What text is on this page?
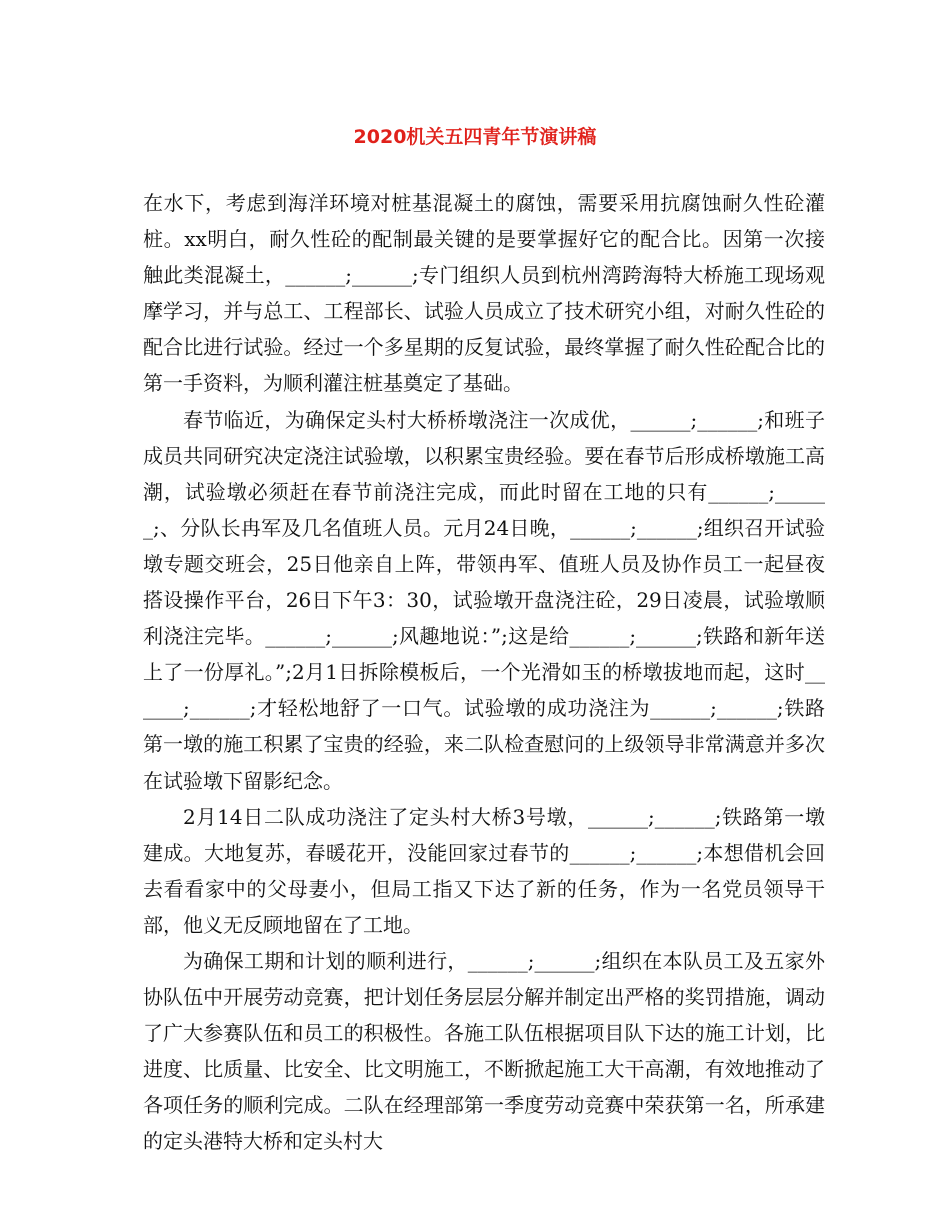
2020机关五四青年节演讲稿

在水下，考虑到海洋环境对桩基混凝土的腐蚀，需要采用抗腐蚀耐久性砼灌桩。xx明白，耐久性砼的配制最关键的是要掌握好它的配合比。因第一次接触此类混凝土，______;______;专门组织人员到杭州湾跨海特大桥施工现场观摩学习，并与总工、工程部长、试验人员成立了技术研究小组，对耐久性砼的配合比进行试验。经过一个多星期的反复试验，最终掌握了耐久性砼配合比的第一手资料，为顺利灌注桩基奠定了基础。

春节临近，为确保定头村大桥桥墩浇注一次成优，______;______;和班子成员共同研究决定浇注试验墩，以积累宝贵经验。要在春节后形成桥墩施工高潮，试验墩必须赶在春节前浇注完成，而此时留在工地的只有______;______;、分队长冉军及几名值班人员。元月24日晚，______;______;组织召开试验墩专题交班会，25日他亲自上阵，带领冉军、值班人员及协作员工一起昼夜搭设操作平台，26日下午3：30，试验墩开盘浇注砼，29日凌晨，试验墩顺利浇注完毕。______;______;风趣地说：”;这是给______;______;铁路和新年送上了一份厚礼。”;2月1日拆除模板后，一个光滑如玉的桥墩拔地而起，这时______;______;才轻松地舒了一口气。试验墩的成功浇注为______;______;铁路第一墩的施工积累了宝贵的经验，来二队检查慰问的上级领导非常满意并多次在试验墩下留影纪念。

2月14日二队成功浇注了定头村大桥3号墩，______;______;铁路第一墩建成。大地复苏，春暖花开，没能回家过春节的______;______;本想借机会回去看看家中的父母妻小，但局工指又下达了新的任务，作为一名党员领导干部，他义无反顾地留在了工地。

为确保工期和计划的顺利进行，______;______;组织在本队员工及五家外协队伍中开展劳动竞赛，把计划任务层层分解并制定出严格的奖罚措施，调动了广大参赛队伍和员工的积极性。各施工队伍根据项目队下达的施工计划，比进度、比质量、比安全、比文明施工，不断掀起施工大干高潮，有效地推动了各项任务的顺利完成。二队在经理部第一季度劳动竞赛中荣获第一名，所承建的定头港特大桥和定头村大
